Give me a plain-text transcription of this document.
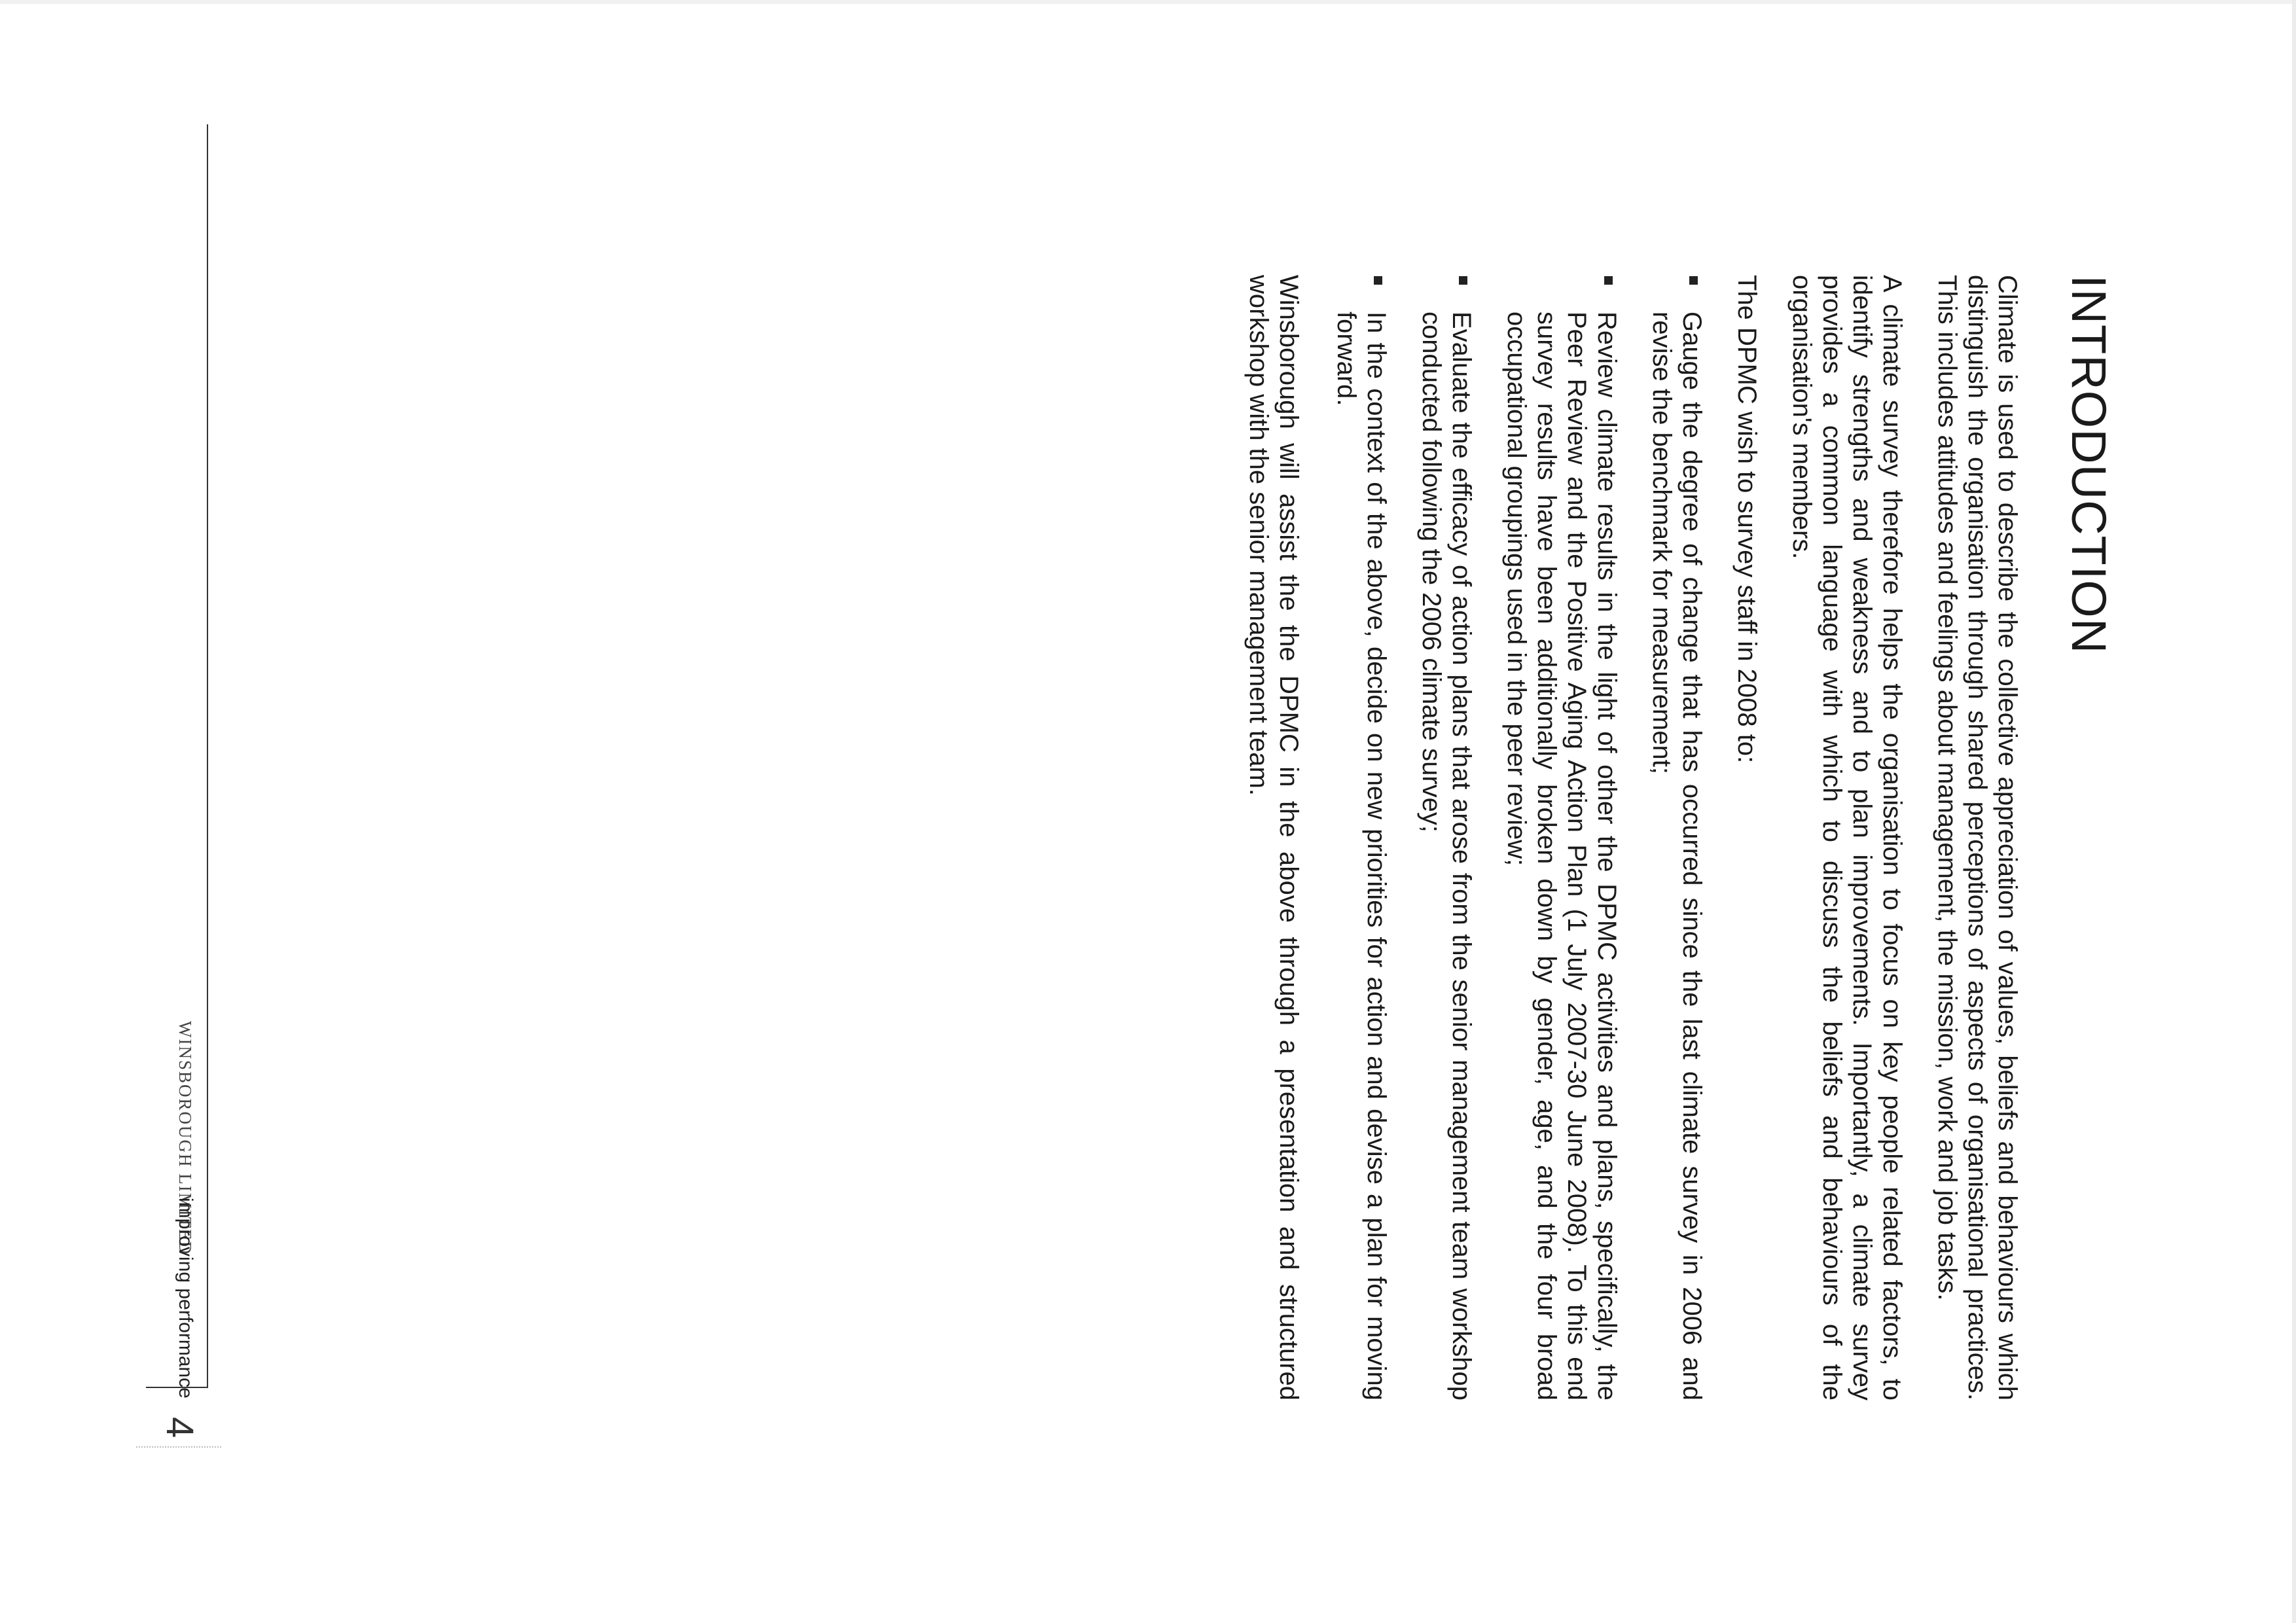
INTRODUCTION

Climate is used to describe the collective appreciation of values, beliefs and behaviours which distinguish the organisation through shared perceptions of aspects of organisational practices. This includes attitudes and feelings about management, the mission, work and job tasks.

A climate survey therefore helps the organisation to focus on key people related factors, to identify strengths and weakness and to plan improvements. Importantly, a climate survey provides a common language with which to discuss the beliefs and behaviours of the organisation's members.

The DPMC wish to survey staff in 2008 to:

Gauge the degree of change that has occurred since the last climate survey in 2006 and revise the benchmark for measurement;
Review climate results in the light of other the DPMC activities and plans, specifically, the Peer Review and the Positive Aging Action Plan (1 July 2007-30 June 2008). To this end survey results have been additionally broken down by gender, age, and the four broad occupational groupings used in the peer review;
Evaluate the efficacy of action plans that arose from the senior management team workshop conducted following the 2006 climate survey;
In the context of the above, decide on new priorities for action and devise a plan for moving forward.

Winsborough will assist the the DPMC in the above through a presentation and structured workshop with the senior management team.

WINSBOROUGH LIMITED
improving performance
4
